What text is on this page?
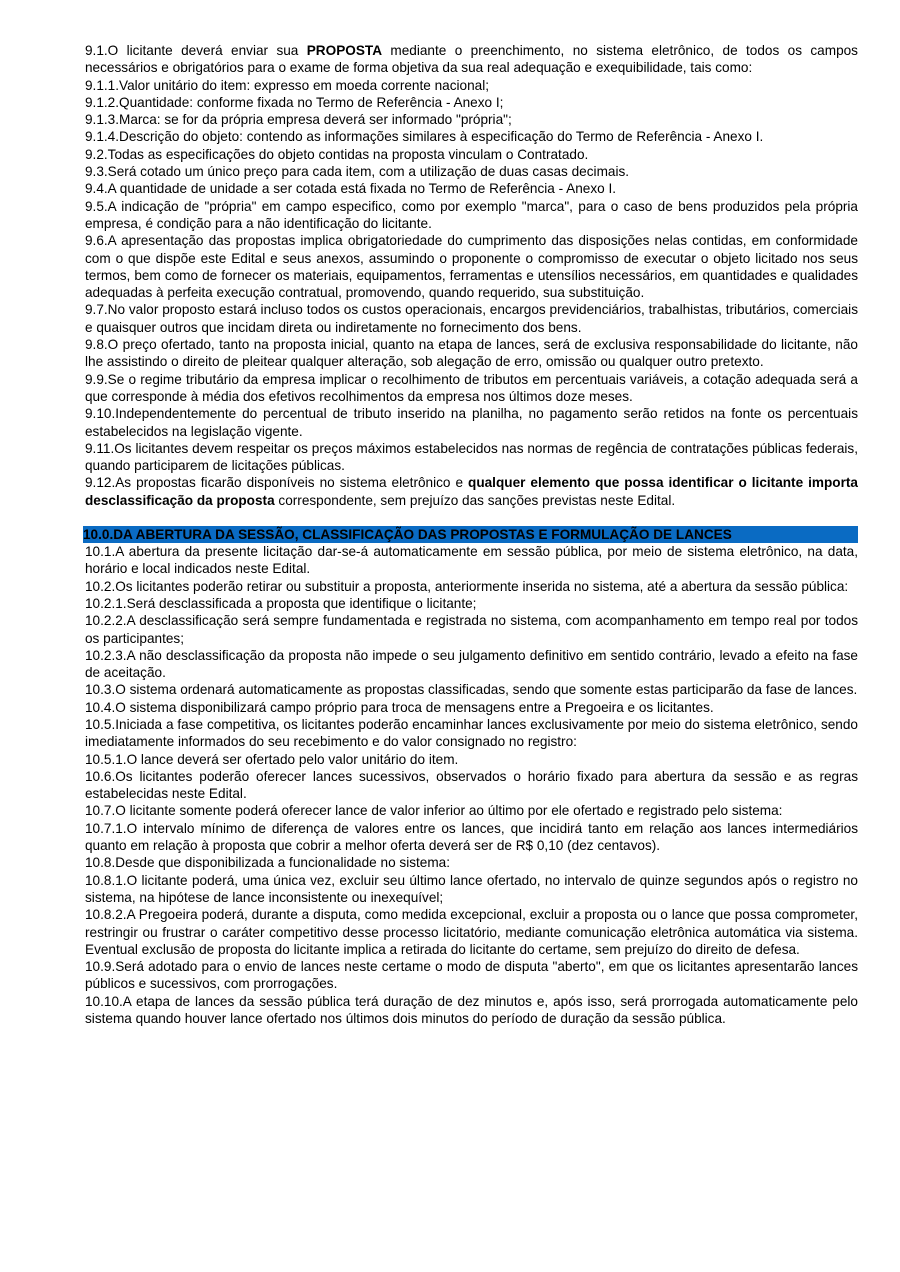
9.1.O licitante deverá enviar sua PROPOSTA mediante o preenchimento, no sistema eletrônico, de todos os campos necessários e obrigatórios para o exame de forma objetiva da sua real adequação e exequibilidade, tais como:

9.1.1.Valor unitário do item: expresso em moeda corrente nacional;

9.1.2.Quantidade: conforme fixada no Termo de Referência - Anexo I;

9.1.3.Marca: se for da própria empresa deverá ser informado "própria";

9.1.4.Descrição do objeto: contendo as informações similares à especificação do Termo de Referência - Anexo I.

9.2.Todas as especificações do objeto contidas na proposta vinculam o Contratado.

9.3.Será cotado um único preço para cada item, com a utilização de duas casas decimais.

9.4.A quantidade de unidade a ser cotada está fixada no Termo de Referência - Anexo I.

9.5.A indicação de "própria" em campo especifico, como por exemplo "marca", para o caso de bens produzidos pela própria empresa, é condição para a não identificação do licitante.

9.6.A apresentação das propostas implica obrigatoriedade do cumprimento das disposições nelas contidas, em conformidade com o que dispõe este Edital e seus anexos, assumindo o proponente o compromisso de executar o objeto licitado nos seus termos, bem como de fornecer os materiais, equipamentos, ferramentas e utensílios necessários, em quantidades e qualidades adequadas à perfeita execução contratual, promovendo, quando requerido, sua substituição.

9.7.No valor proposto estará incluso todos os custos operacionais, encargos previdenciários, trabalhistas, tributários, comerciais e quaisquer outros que incidam direta ou indiretamente no fornecimento dos bens.

9.8.O preço ofertado, tanto na proposta inicial, quanto na etapa de lances, será de exclusiva responsabilidade do licitante, não lhe assistindo o direito de pleitear qualquer alteração, sob alegação de erro, omissão ou qualquer outro pretexto.

9.9.Se o regime tributário da empresa implicar o recolhimento de tributos em percentuais variáveis, a cotação adequada será a que corresponde à média dos efetivos recolhimentos da empresa nos últimos doze meses.

9.10.Independentemente do percentual de tributo inserido na planilha, no pagamento serão retidos na fonte os percentuais estabelecidos na legislação vigente.

9.11.Os licitantes devem respeitar os preços máximos estabelecidos nas normas de regência de contratações públicas federais, quando participarem de licitações públicas.

9.12.As propostas ficarão disponíveis no sistema eletrônico e qualquer elemento que possa identificar o licitante importa desclassificação da proposta correspondente, sem prejuízo das sanções previstas neste Edital.

10.0.DA ABERTURA DA SESSÃO, CLASSIFICAÇÃO DAS PROPOSTAS E FORMULAÇÃO DE LANCES

10.1.A abertura da presente licitação dar-se-á automaticamente em sessão pública, por meio de sistema eletrônico, na data, horário e local indicados neste Edital.

10.2.Os licitantes poderão retirar ou substituir a proposta, anteriormente inserida no sistema, até a abertura da sessão pública:

10.2.1.Será desclassificada a proposta que identifique o licitante;

10.2.2.A desclassificação será sempre fundamentada e registrada no sistema, com acompanhamento em tempo real por todos os participantes;

10.2.3.A não desclassificação da proposta não impede o seu julgamento definitivo em sentido contrário, levado a efeito na fase de aceitação.

10.3.O sistema ordenará automaticamente as propostas classificadas, sendo que somente estas participarão da fase de lances.

10.4.O sistema disponibilizará campo próprio para troca de mensagens entre a Pregoeira e os licitantes.

10.5.Iniciada a fase competitiva, os licitantes poderão encaminhar lances exclusivamente por meio do sistema eletrônico, sendo imediatamente informados do seu recebimento e do valor consignado no registro:

10.5.1.O lance deverá ser ofertado pelo valor unitário do item.

10.6.Os licitantes poderão oferecer lances sucessivos, observados o horário fixado para abertura da sessão e as regras estabelecidas neste Edital.

10.7.O licitante somente poderá oferecer lance de valor inferior ao último por ele ofertado e registrado pelo sistema:

10.7.1.O intervalo mínimo de diferença de valores entre os lances, que incidirá tanto em relação aos lances intermediários quanto em relação à proposta que cobrir a melhor oferta deverá ser de R$ 0,10 (dez centavos).

10.8.Desde que disponibilizada a funcionalidade no sistema:

10.8.1.O licitante poderá, uma única vez, excluir seu último lance ofertado, no intervalo de quinze segundos após o registro no sistema, na hipótese de lance inconsistente ou inexequível;

10.8.2.A Pregoeira poderá, durante a disputa, como medida excepcional, excluir a proposta ou o lance que possa comprometer, restringir ou frustrar o caráter competitivo desse processo licitatório, mediante comunicação eletrônica automática via sistema. Eventual exclusão de proposta do licitante implica a retirada do licitante do certame, sem prejuízo do direito de defesa.

10.9.Será adotado para o envio de lances neste certame o modo de disputa "aberto", em que os licitantes apresentarão lances públicos e sucessivos, com prorrogações.

10.10.A etapa de lances da sessão pública terá duração de dez minutos e, após isso, será prorrogada automaticamente pelo sistema quando houver lance ofertado nos últimos dois minutos do período de duração da sessão pública.
